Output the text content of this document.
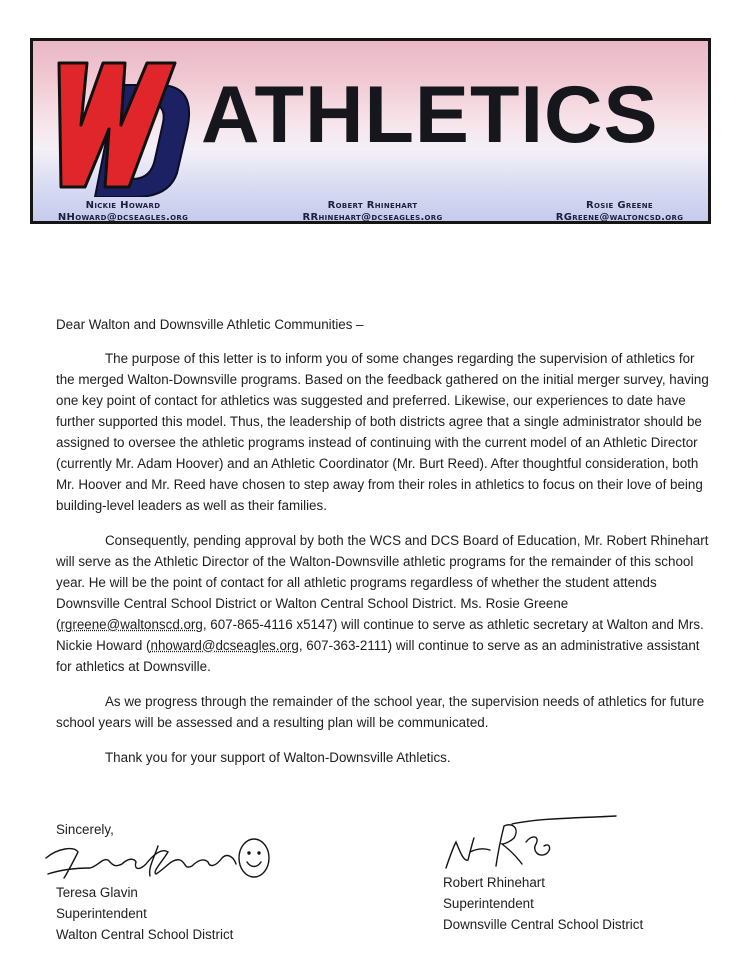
ATHLETICS
Nickie Howard
NHoward@dcseagles.org
Robert Rhinehart
RRhinehart@dcseagles.org
Rosie Greene
RGreene@waltoncsd.org

Dear Walton and Downsville Athletic Communities –

The purpose of this letter is to inform you of some changes regarding the supervision of athletics for the merged Walton-Downsville programs. Based on the feedback gathered on the initial merger survey, having one key point of contact for athletics was suggested and preferred. Likewise, our experiences to date have further supported this model. Thus, the leadership of both districts agree that a single administrator should be assigned to oversee the athletic programs instead of continuing with the current model of an Athletic Director (currently Mr. Adam Hoover) and an Athletic Coordinator (Mr. Burt Reed). After thoughtful consideration, both Mr. Hoover and Mr. Reed have chosen to step away from their roles in athletics to focus on their love of being building-level leaders as well as their families.

Consequently, pending approval by both the WCS and DCS Board of Education, Mr. Robert Rhinehart will serve as the Athletic Director of the Walton-Downsville athletic programs for the remainder of this school year. He will be the point of contact for all athletic programs regardless of whether the student attends Downsville Central School District or Walton Central School District. Ms. Rosie Greene (rgreene@waltonscd.org, 607-865-4116 x5147) will continue to serve as athletic secretary at Walton and Mrs. Nickie Howard (nhoward@dcseagles.org, 607-363-2111) will continue to serve as an administrative assistant for athletics at Downsville.

As we progress through the remainder of the school year, the supervision needs of athletics for future school years will be assessed and a resulting plan will be communicated.

Thank you for your support of Walton-Downsville Athletics.

Sincerely,
Teresa Glavin
Superintendent
Walton Central School District
Robert Rhinehart
Superintendent
Downsville Central School District
